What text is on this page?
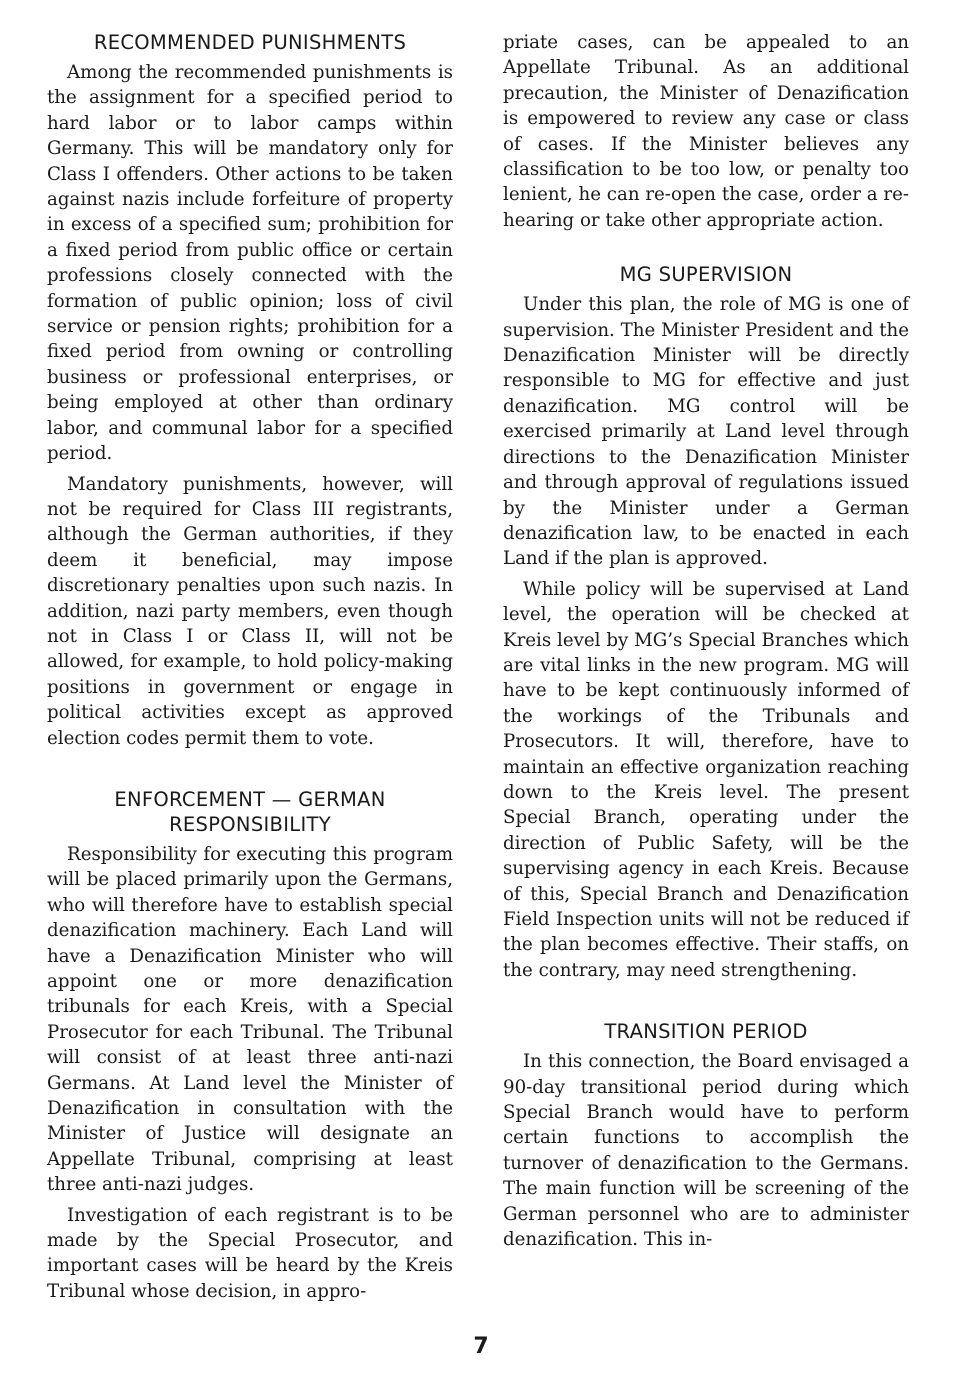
RECOMMENDED PUNISHMENTS

Among the recommended punishments is the assignment for a specified period to hard labor or to labor camps within Germany. This will be mandatory only for Class I offenders. Other actions to be taken against nazis include forfeiture of property in excess of a specified sum; prohibition for a fixed period from public office or certain professions closely connected with the formation of public opinion; loss of civil service or pension rights; prohibition for a fixed period from owning or controlling business or professional enterprises, or being employed at other than ordinary labor, and communal labor for a specified period.

Mandatory punishments, however, will not be required for Class III registrants, although the German authorities, if they deem it beneficial, may impose discretionary penalties upon such nazis. In addition, nazi party members, even though not in Class I or Class II, will not be allowed, for example, to hold policy-making positions in government or engage in political activities except as approved election codes permit them to vote.

ENFORCEMENT — GERMAN
RESPONSIBILITY

Responsibility for executing this program will be placed primarily upon the Germans, who will therefore have to establish special denazification machinery. Each Land will have a Denazification Minister who will appoint one or more denazification tribunals for each Kreis, with a Special Prosecutor for each Tribunal. The Tribunal will consist of at least three anti-nazi Germans. At Land level the Minister of Denazification in consultation with the Minister of Justice will designate an Appellate Tribunal, comprising at least three anti-nazi judges.

Investigation of each registrant is to be made by the Special Prosecutor, and important cases will be heard by the Kreis Tribunal whose decision, in appro-

priate cases, can be appealed to an Appellate Tribunal. As an additional precaution, the Minister of Denazification is empowered to review any case or class of cases. If the Minister believes any classification to be too low, or penalty too lenient, he can re-open the case, order a re-hearing or take other appropriate action.

MG SUPERVISION

Under this plan, the role of MG is one of supervision. The Minister President and the Denazification Minister will be directly responsible to MG for effective and just denazification. MG control will be exercised primarily at Land level through directions to the Denazification Minister and through approval of regulations issued by the Minister under a German denazification law, to be enacted in each Land if the plan is approved.

While policy will be supervised at Land level, the operation will be checked at Kreis level by MG’s Special Branches which are vital links in the new program. MG will have to be kept continuously informed of the workings of the Tribunals and Prosecutors. It will, therefore, have to maintain an effective organization reaching down to the Kreis level. The present Special Branch, operating under the direction of Public Safety, will be the supervising agency in each Kreis. Because of this, Special Branch and Denazification Field Inspection units will not be reduced if the plan becomes effective. Their staffs, on the contrary, may need strengthening.

TRANSITION PERIOD

In this connection, the Board envisaged a 90-day transitional period during which Special Branch would have to perform certain functions to accomplish the turnover of denazification to the Germans. The main function will be screening of the German personnel who are to administer denazification. This in-

7
